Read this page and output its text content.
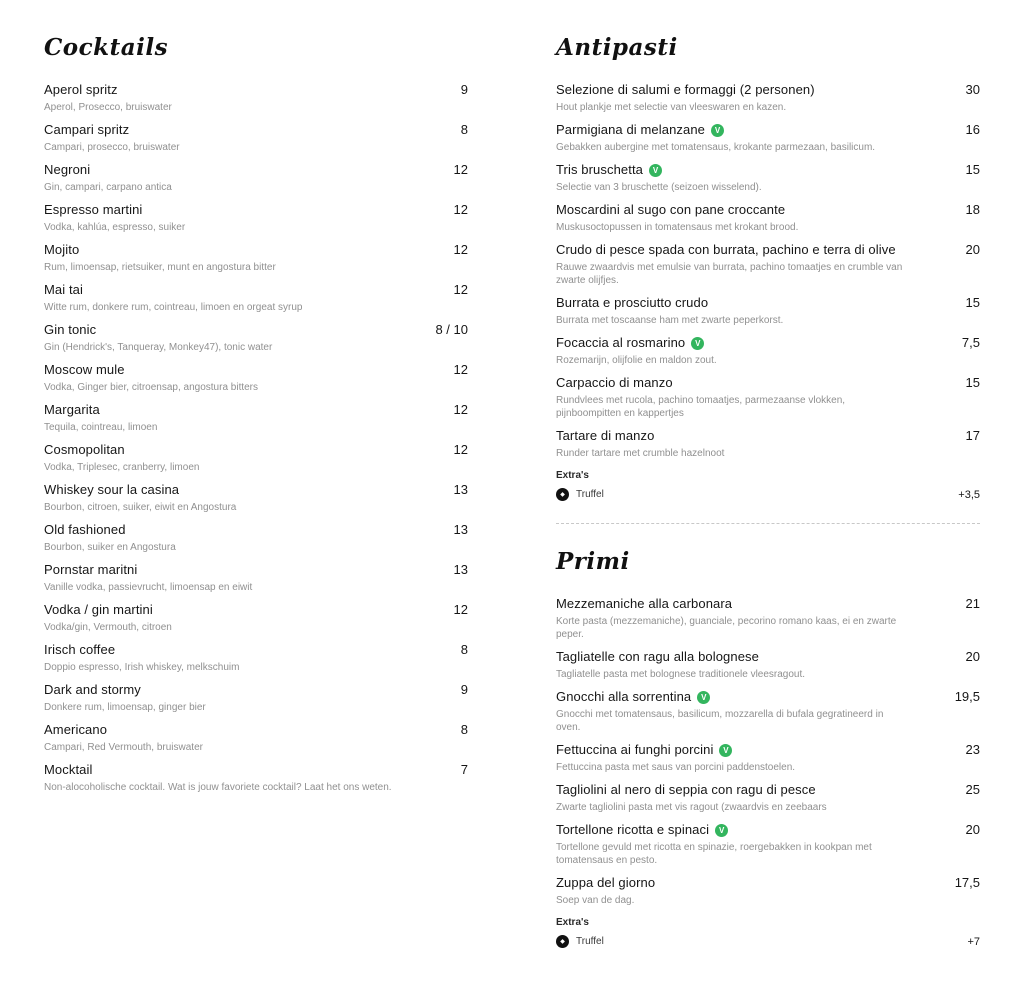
Cocktails
Aperol spritz	9
Aperol, Prosecco, bruiswater
Campari spritz	8
Campari, prosecco, bruiswater
Negroni	12
Gin, campari, carpano antica
Espresso martini	12
Vodka, kahlúa, espresso, suiker
Mojito	12
Rum, limoensap, rietsuiker, munt en angostura bitter
Mai tai	12
Witte rum, donkere rum, cointreau, limoen en orgeat syrup
Gin tonic	8 / 10
Gin (Hendrick's, Tanqueray, Monkey47), tonic water
Moscow mule	12
Vodka, Ginger bier, citroensap, angostura bitters
Margarita	12
Tequila, cointreau, limoen
Cosmopolitan	12
Vodka, Triplesec, cranberry, limoen
Whiskey sour la casina	13
Bourbon, citroen, suiker, eiwit en Angostura
Old fashioned	13
Bourbon, suiker en Angostura
Pornstar maritni	13
Vanille vodka, passievrucht, limoensap en eiwit
Vodka / gin martini	12
Vodka/gin, Vermouth, citroen
Irisch coffee	8
Doppio espresso, Irish whiskey, melkschuim
Dark and stormy	9
Donkere rum, limoensap, ginger bier
Americano	8
Campari, Red Vermouth, bruiswater
Mocktail	7
Non-alocoholische cocktail. Wat is jouw favoriete cocktail? Laat het ons weten.
Antipasti
Selezione di salumi e formaggi (2 personen)	30
Hout plankje met selectie van vleeswaren en kazen.
Parmigiana di melanzane	V	16
Gebakken aubergine met tomatensaus, krokante parmezaan, basilicum.
Tris bruschetta	V	15
Selectie van 3 bruschette (seizoen wisselend).
Moscardini al sugo con pane croccante	18
Muskusoctopussen in tomatensaus met krokant brood.
Crudo di pesce spada con burrata, pachino e terra di olive	20
Rauwe zwaardvis met emulsie van burrata, pachino tomaatjes en crumble van zwarte olijfjes.
Burrata e prosciutto crudo	15
Burrata met toscaanse ham met zwarte peperkorst.
Focaccia al rosmarino	V	7,5
Rozemarijn, olijfolie en maldon zout.
Carpaccio di manzo	15
Rundvlees met rucola, pachino tomaatjes, parmezaanse vlokken, pijnboompitten en kappertjes
Tartare di manzo	17
Runder tartare met crumble hazelnoot
Extra's
◆	Truffel	+3,5
Primi
Mezzemaniche alla carbonara	21
Korte pasta (mezzemaniche), guanciale, pecorino romano kaas, ei en zwarte peper.
Tagliatelle con ragu alla bolognese	20
Tagliatelle pasta met bolognese traditionele vleesragout.
Gnocchi alla sorrentina	V	19,5
Gnocchi met tomatensaus, basilicum, mozzarella di bufala gegratineerd in oven.
Fettuccina ai funghi porcini	V	23
Fettuccina pasta met saus van porcini paddenstoelen.
Tagliolini al nero di seppia con ragu di pesce	25
Zwarte tagliolini pasta met vis ragout (zwaardvis en zeebaars
Tortellone ricotta e spinaci	V	20
Tortellone gevuld met ricotta en spinazie, roergebakken in kookpan met tomatensaus en pesto.
Zuppa del giorno	17,5
Soep van de dag.
Extra's
◆	Truffel	+7
